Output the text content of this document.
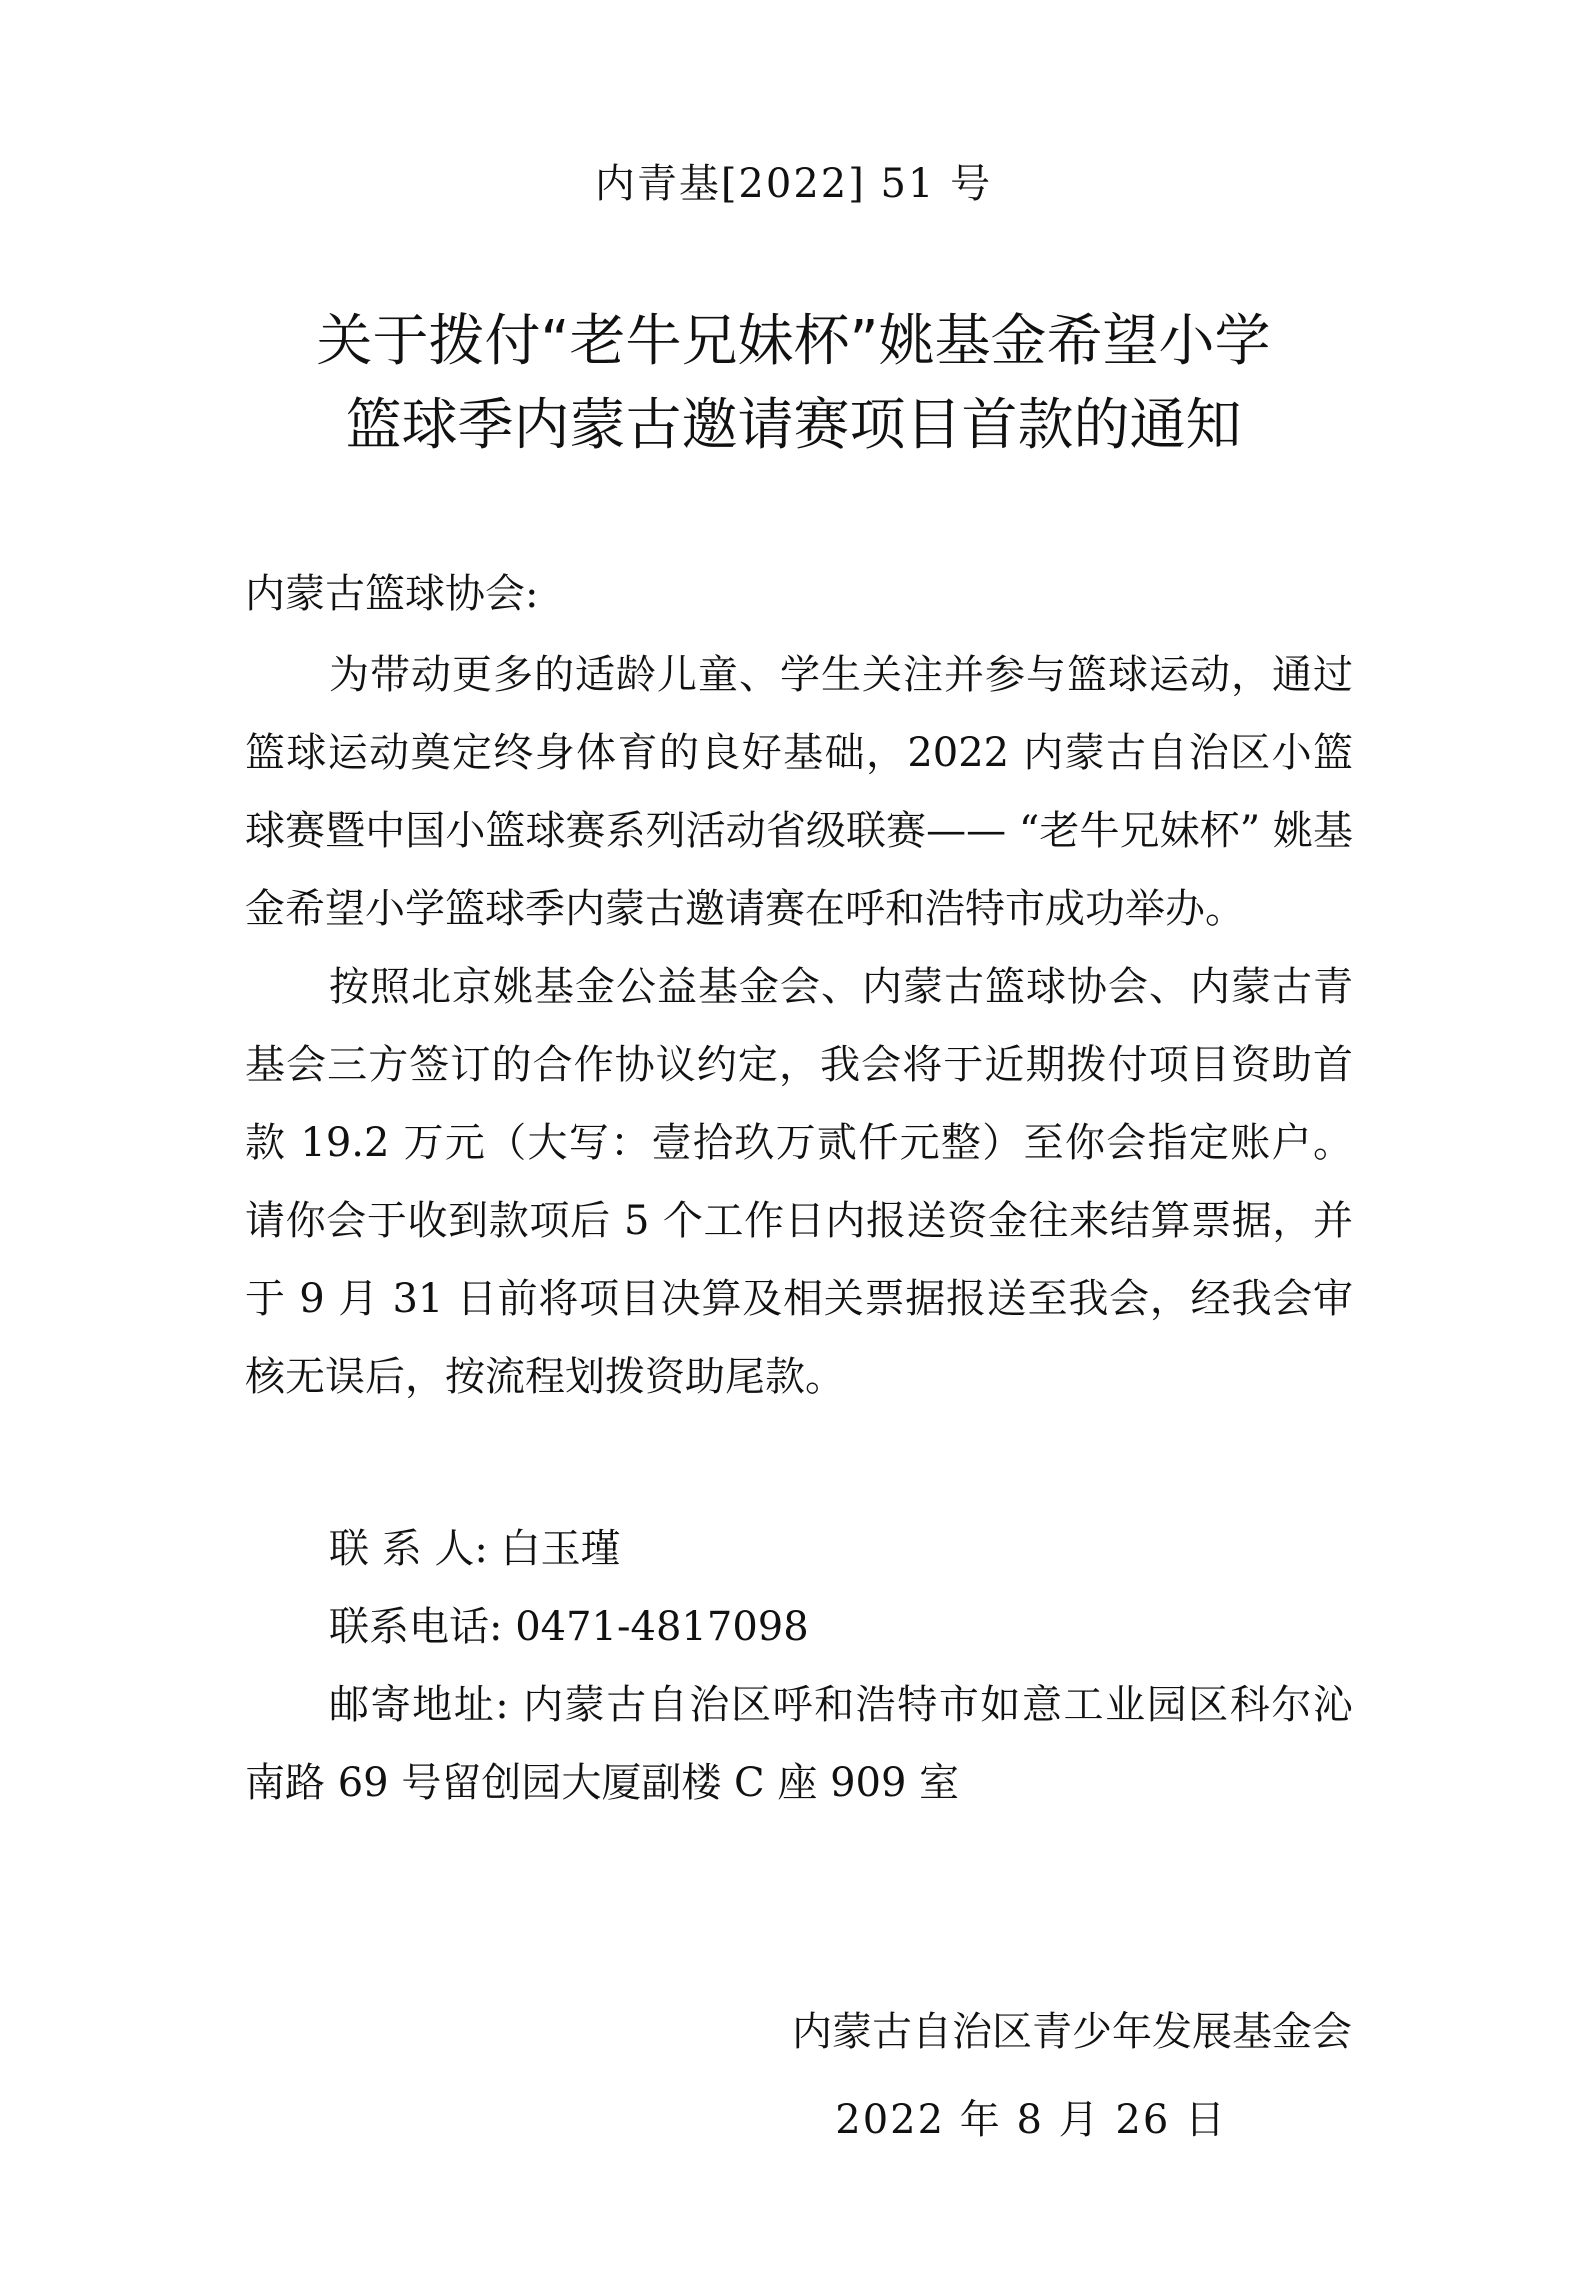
内青基[2022] 51 号
关于拨付“老牛兄妹杯”姚基金希望小学
篮球季内蒙古邀请赛项目首款的通知
内蒙古篮球协会:

为带动更多的适龄儿童、学生关注并参与篮球运动，通过篮球运动奠定终身体育的良好基础，2022 内蒙古自治区小篮球赛暨中国小篮球赛系列活动省级联赛—— “老牛兄妹杯” 姚基金希望小学篮球季内蒙古邀请赛在呼和浩特市成功举办。

按照北京姚基金公益基金会、内蒙古篮球协会、内蒙古青基会三方签订的合作协议约定，我会将于近期拨付项目资助首款 19.2 万元（大写：壹拾玖万贰仟元整）至你会指定账户。请你会于收到款项后 5 个工作日内报送资金往来结算票据，并于 9 月 31 日前将项目决算及相关票据报送至我会，经我会审核无误后，按流程划拨资助尾款。

联 系 人: 白玉瑾
联系电话: 0471-4817098
邮寄地址: 内蒙古自治区呼和浩特市如意工业园区科尔沁南路 69 号留创园大厦副楼 C 座 909 室
内蒙古自治区青少年发展基金会
2022 年 8 月 26 日
